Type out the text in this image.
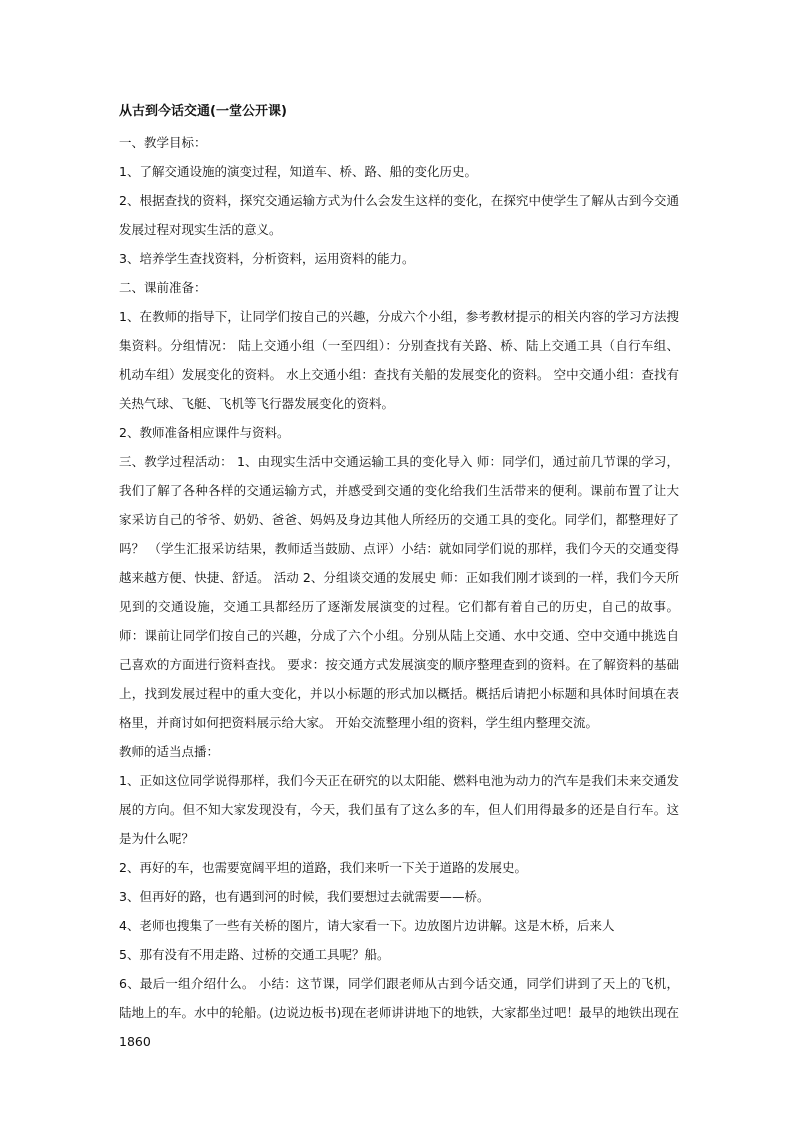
从古到今话交通(一堂公开课)

一、教学目标：

1、了解交通设施的演变过程，知道车、桥、路、船的变化历史。

2、根据查找的资料，探究交通运输方式为什么会发生这样的变化，在探究中使学生了解从古到今交通发展过程对现实生活的意义。

3、培养学生查找资料，分析资料，运用资料的能力。

二、课前准备：

1、在教师的指导下，让同学们按自己的兴趣，分成六个小组，参考教材提示的相关内容的学习方法搜集资料。分组情况： 陆上交通小组（一至四组）：分别查找有关路、桥、陆上交通工具（自行车组、机动车组）发展变化的资料。 水上交通小组：查找有关船的发展变化的资料。 空中交通小组：查找有关热气球、飞艇、飞机等飞行器发展变化的资料。

2、教师准备相应课件与资料。

三、教学过程活动： 1、由现实生活中交通运输工具的变化导入 师：同学们，通过前几节课的学习，我们了解了各种各样的交通运输方式，并感受到交通的变化给我们生活带来的便利。课前布置了让大家采访自己的爷爷、奶奶、爸爸、妈妈及身边其他人所经历的交通工具的变化。同学们，都整理好了吗？ （学生汇报采访结果，教师适当鼓励、点评）小结：就如同学们说的那样，我们今天的交通变得越来越方便、快捷、舒适。 活动 2、分组谈交通的发展史 师：正如我们刚才谈到的一样，我们今天所见到的交通设施，交通工具都经历了逐渐发展演变的过程。它们都有着自己的历史，自己的故事。 师：课前让同学们按自己的兴趣，分成了六个小组。分别从陆上交通、水中交通、空中交通中挑选自己喜欢的方面进行资料查找。 要求：按交通方式发展演变的顺序整理查到的资料。在了解资料的基础上，找到发展过程中的重大变化，并以小标题的形式加以概括。概括后请把小标题和具体时间填在表格里，并商讨如何把资料展示给大家。 开始交流整理小组的资料，学生组内整理交流。

教师的适当点播：

1、正如这位同学说得那样，我们今天正在研究的以太阳能、燃料电池为动力的汽车是我们未来交通发展的方向。但不知大家发现没有，今天，我们虽有了这么多的车，但人们用得最多的还是自行车。这是为什么呢？

2、再好的车，也需要宽阔平坦的道路，我们来听一下关于道路的发展史。

3、但再好的路，也有遇到河的时候，我们要想过去就需要——桥。

4、老师也搜集了一些有关桥的图片，请大家看一下。边放图片边讲解。这是木桥，后来人

5、那有没有不用走路、过桥的交通工具呢？船。

6、最后一组介绍什么。 小结：这节课，同学们跟老师从古到今话交通，同学们讲到了天上的飞机，陆地上的车。水中的轮船。(边说边板书)现在老师讲讲地下的地铁，大家都坐过吧！最早的地铁出现在 1860
